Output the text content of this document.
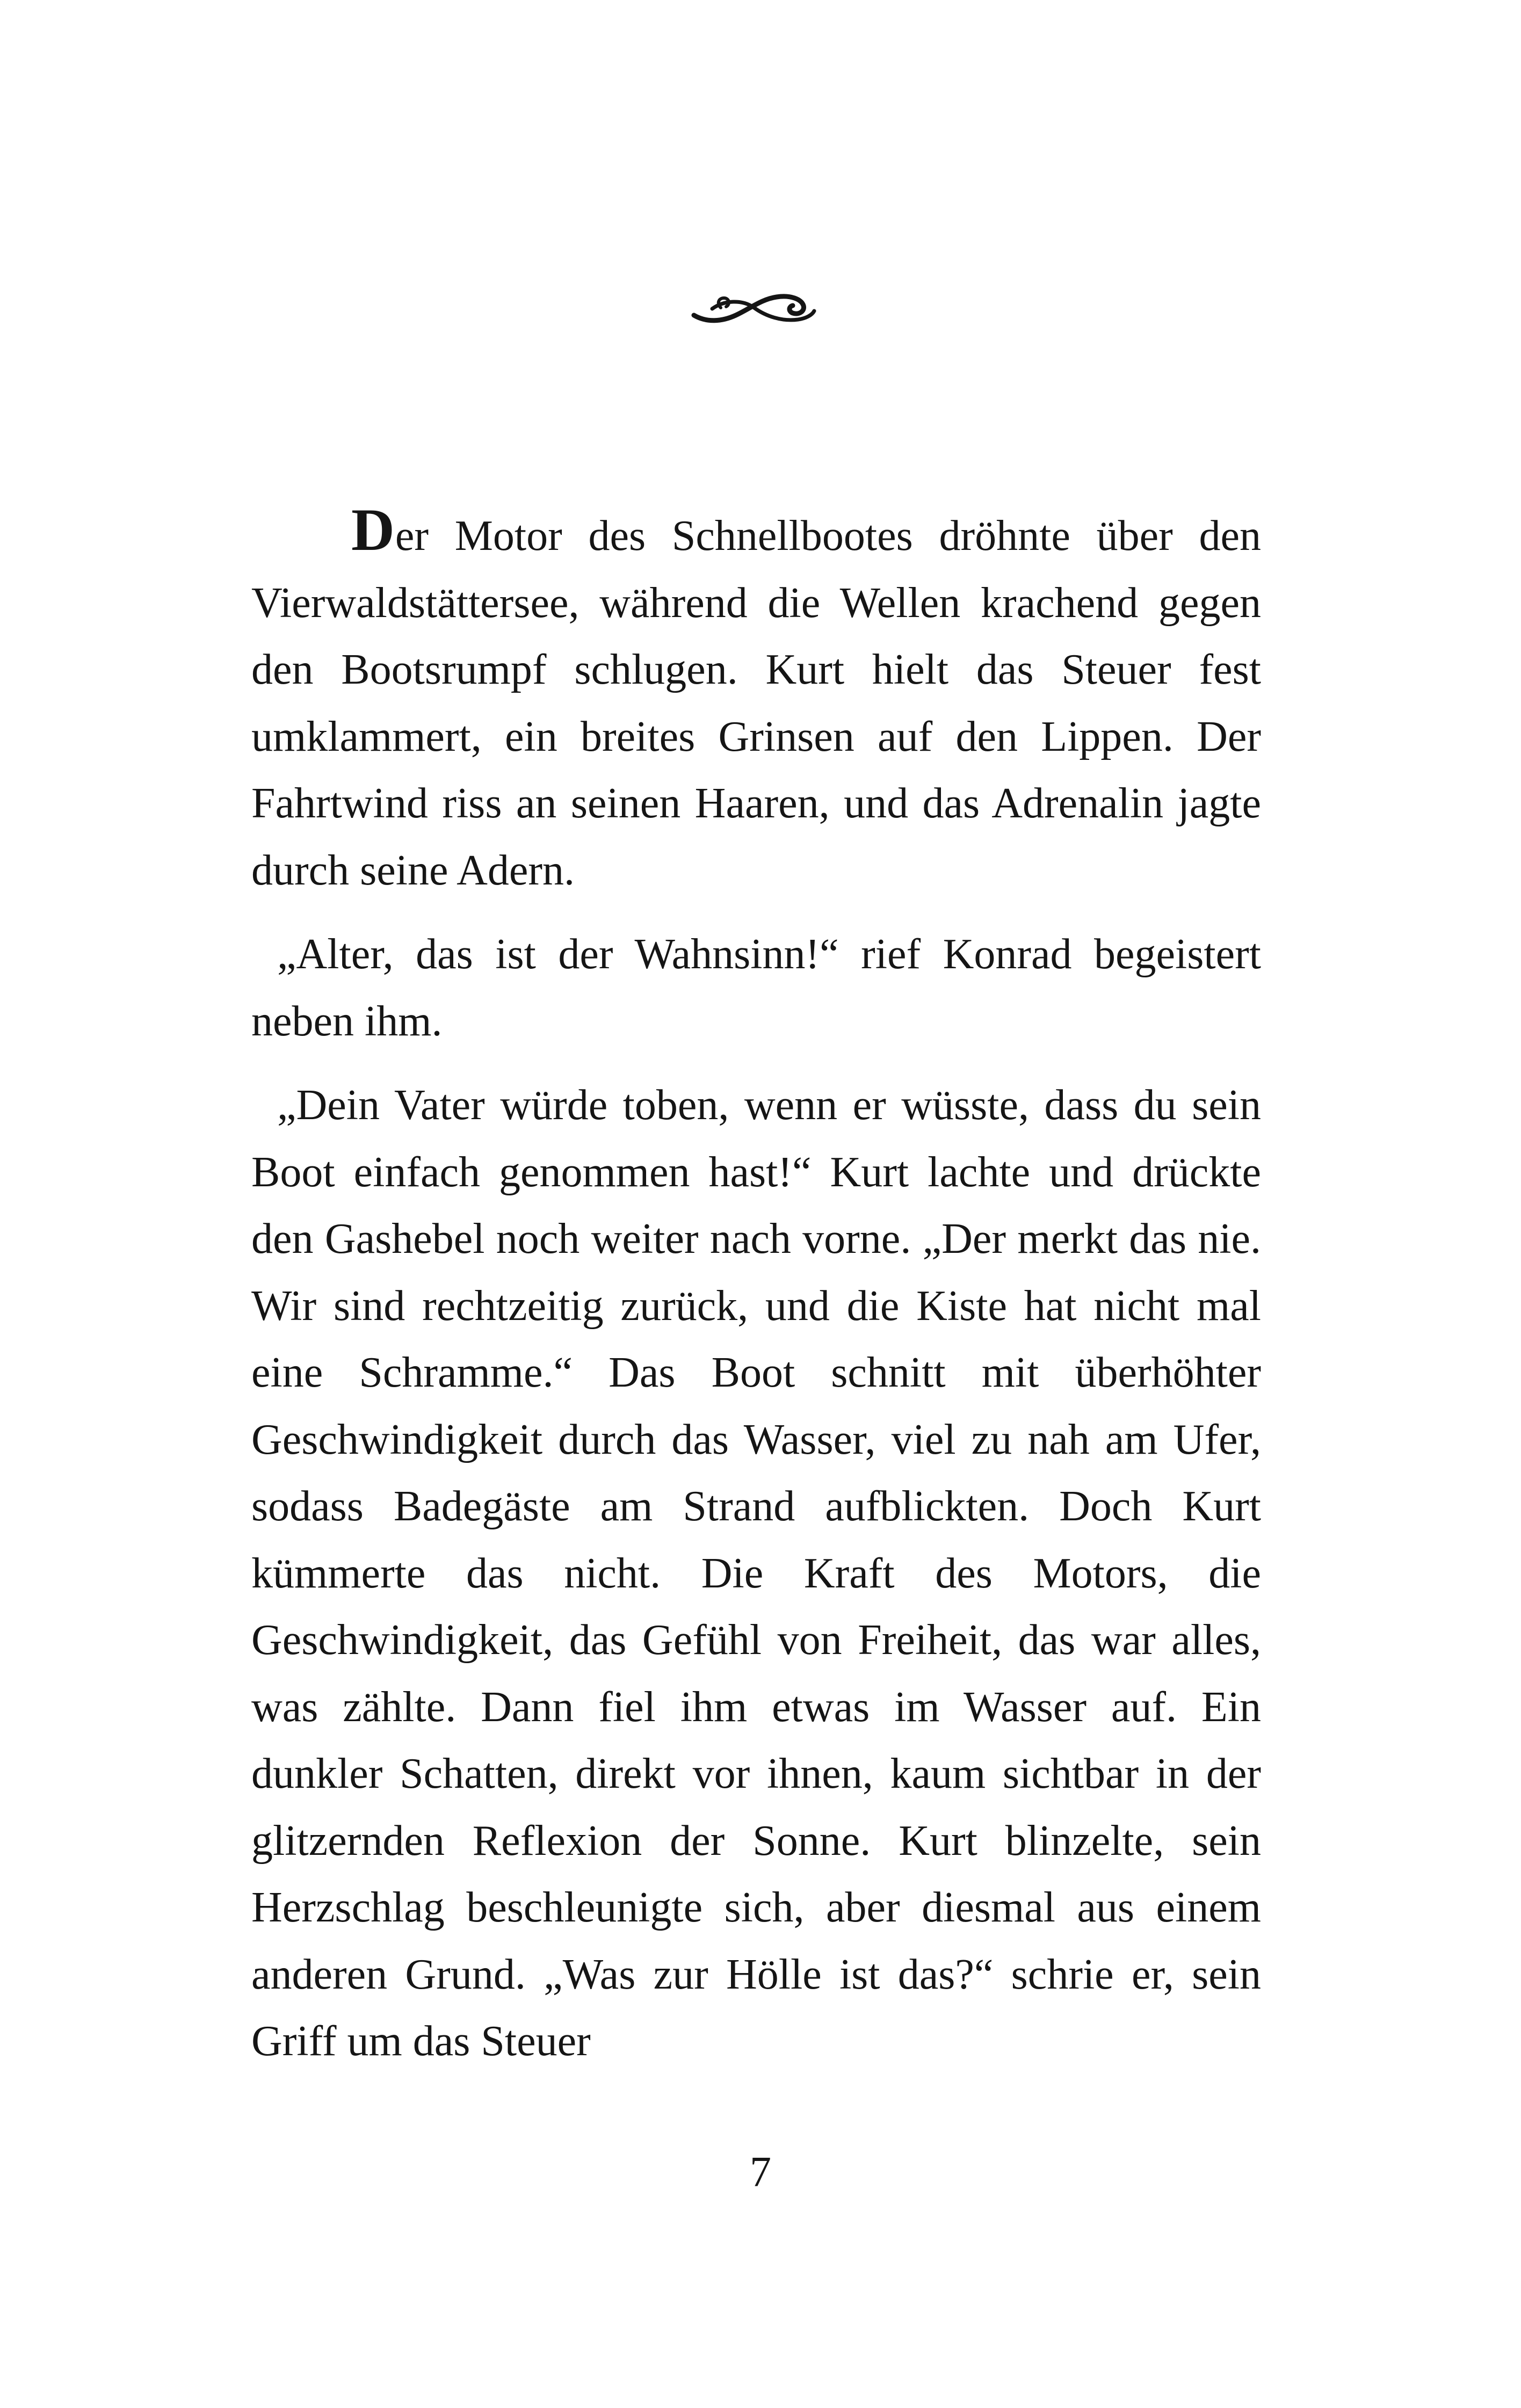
Der Motor des Schnellbootes dröhnte über den Vierwaldstättersee, während die Wellen krachend gegen den Bootsrumpf schlugen. Kurt hielt das Steuer fest umklammert, ein breites Grinsen auf den Lippen. Der Fahrtwind riss an seinen Haaren, und das Adrenalin jagte durch seine Adern.

„Alter, das ist der Wahnsinn!“ rief Konrad begeistert neben ihm.

„Dein Vater würde toben, wenn er wüsste, dass du sein Boot einfach genommen hast!“ Kurt lachte und drückte den Gashebel noch weiter nach vorne. „Der merkt das nie. Wir sind rechtzeitig zurück, und die Kiste hat nicht mal eine Schramme.“ Das Boot schnitt mit überhöhter Geschwindigkeit durch das Wasser, viel zu nah am Ufer, sodass Badegäste am Strand aufblickten. Doch Kurt kümmerte das nicht. Die Kraft des Motors, die Geschwindigkeit, das Gefühl von Freiheit, das war alles, was zählte. Dann fiel ihm etwas im Wasser auf. Ein dunkler Schatten, direkt vor ihnen, kaum sichtbar in der glitzernden Reflexion der Sonne. Kurt blinzelte, sein Herzschlag beschleunigte sich, aber diesmal aus einem anderen Grund. „Was zur Hölle ist das?“ schrie er, sein Griff um das Steuer

7
